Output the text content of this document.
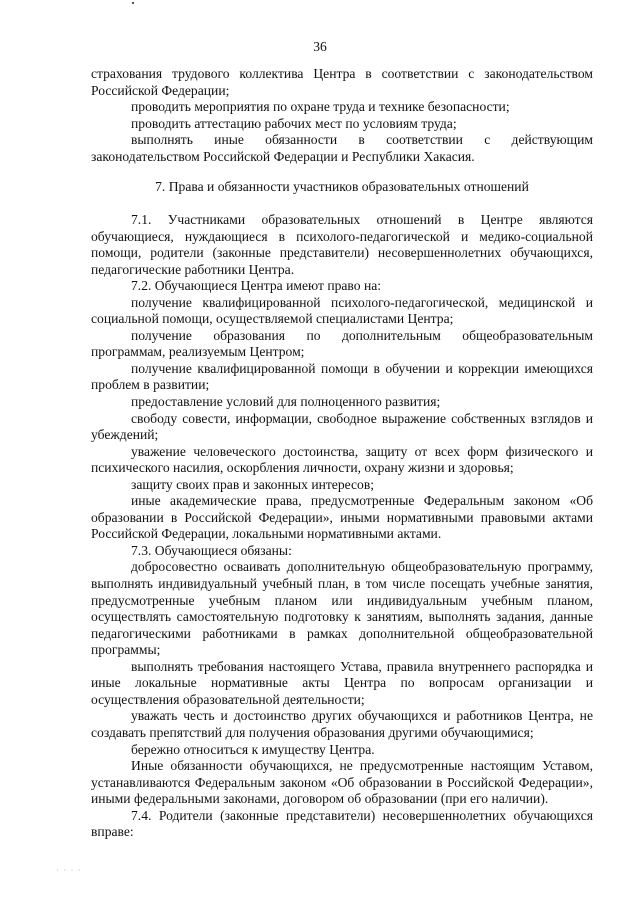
36

страхования трудового коллектива Центра в соответствии с законодательством Российской Федерации;

проводить мероприятия по охране труда и технике безопасности;

проводить аттестацию рабочих мест по условиям труда;

выполнять иные обязанности в соответствии с действующим законодательством Российской Федерации и Республики Хакасия.

7. Права и обязанности участников образовательных отношений

7.1. Участниками образовательных отношений в Центре являются обучающиеся, нуждающиеся в психолого-педагогической и медико-социальной помощи, родители (законные представители) несовершеннолетних обучающихся, педагогические работники Центра.

7.2. Обучающиеся Центра имеют право на:

получение квалифицированной психолого-педагогической, медицинской и социальной помощи, осуществляемой специалистами Центра;

получение образования по дополнительным общеобразовательным программам, реализуемым Центром;

получение квалифицированной помощи в обучении и коррекции имеющихся проблем в развитии;

предоставление условий для полноценного развития;

свободу совести, информации, свободное выражение собственных взглядов и убеждений;

уважение человеческого достоинства, защиту от всех форм физического и психического насилия, оскорбления личности, охрану жизни и здоровья;

защиту своих прав и законных интересов;

иные академические права, предусмотренные Федеральным законом «Об образовании в Российской Федерации», иными нормативными правовыми актами Российской Федерации, локальными нормативными актами.

7.3. Обучающиеся обязаны:

добросовестно осваивать дополнительную общеобразовательную программу, выполнять индивидуальный учебный план, в том числе посещать учебные занятия, предусмотренные учебным планом или индивидуальным учебным планом, осуществлять самостоятельную подготовку к занятиям, выполнять задания, данные педагогическими работниками в рамках дополнительной общеобразовательной программы;

выполнять требования настоящего Устава, правила внутреннего распорядка и иные локальные нормативные акты Центра по вопросам организации и осуществления образовательной деятельности;

уважать честь и достоинство других обучающихся и работников Центра, не создавать препятствий для получения образования другими обучающимися;

бережно относиться к имуществу Центра.

Иные обязанности обучающихся, не предусмотренные настоящим Уставом, устанавливаются Федеральным законом «Об образовании в Российской Федерации», иными федеральными законами, договором об образовании (при его наличии).

7.4. Родители (законные представители) несовершеннолетних обучающихся вправе:

· · · ·
